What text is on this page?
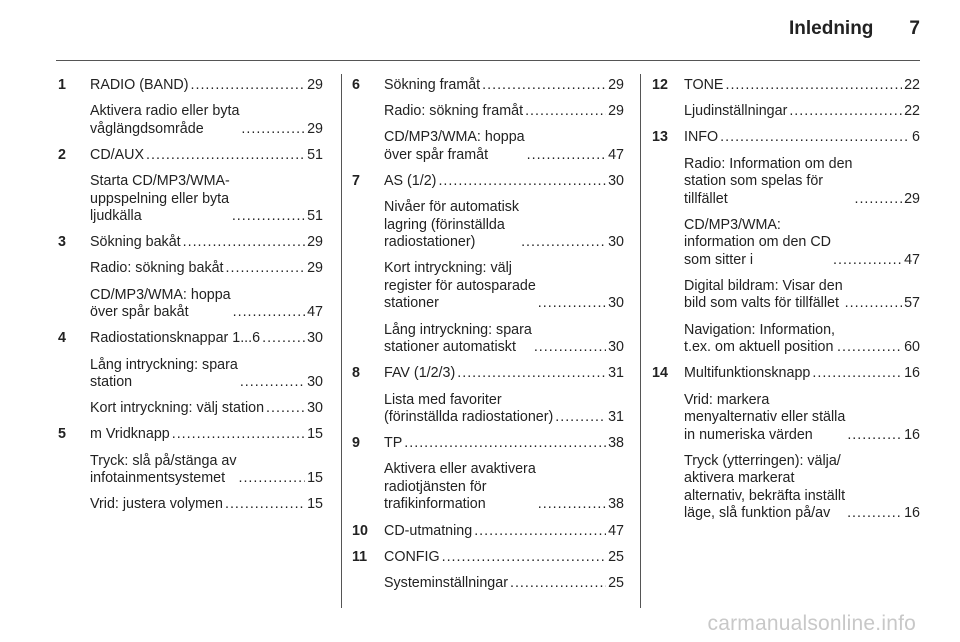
Inledning 7
1	RADIO (BAND) .....	29
Aktivera radio eller byta
våglängdsområde .....	29
2	CD/AUX .....	51
Starta CD/MP3/WMA-
uppspelning eller byta
ljudkälla .....	51
3	Sökning bakåt .....	29
Radio: sökning bakåt .....	29
CD/MP3/WMA: hoppa
över spår bakåt .....	47
4	Radiostationsknappar 1...6 .....	30
Lång intryckning: spara
station .....	30
Kort intryckning: välj station .....	30
5	m Vridknapp .....	15
Tryck: slå på/stänga av
infotainmentsystemet .....	15
Vrid: justera volymen .....	15
6	Sökning framåt .....	29
Radio: sökning framåt .....	29
CD/MP3/WMA: hoppa
över spår framåt .....	47
7	AS (1/2) .....	30
Nivåer för automatisk
lagring (förinställda
radiostationer) .....	30
Kort intryckning: välj
register för autosparade
stationer .....	30
Lång intryckning: spara
stationer automatiskt .....	30
8	FAV (1/2/3) .....	31
Lista med favoriter
(förinställda radiostationer) .....	31
9	TP .....	38
Aktivera eller avaktivera
radiotjänsten för
trafikinformation .....	38
10	CD-utmatning .....	47
11	CONFIG .....	25
Systeminställningar .....	25
12	TONE .....	22
Ljudinställningar .....	22
13	INFO .....	6
Radio: Information om den
station som spelas för
tillfället .....	29
CD/MP3/WMA:
information om den CD
som sitter i .....	47
Digital bildram: Visar den
bild som valts för tillfället .....	57
Navigation: Information,
t.ex. om aktuell position .....	60
14	Multifunktionsknapp .....	16
Vrid: markera
menyalternativ eller ställa
in numeriska värden .....	16
Tryck (ytterringen): välja/
aktivera markerat
alternativ, bekräfta inställt
läge, slå funktion på/av .....	16
carmanualsonline.info
